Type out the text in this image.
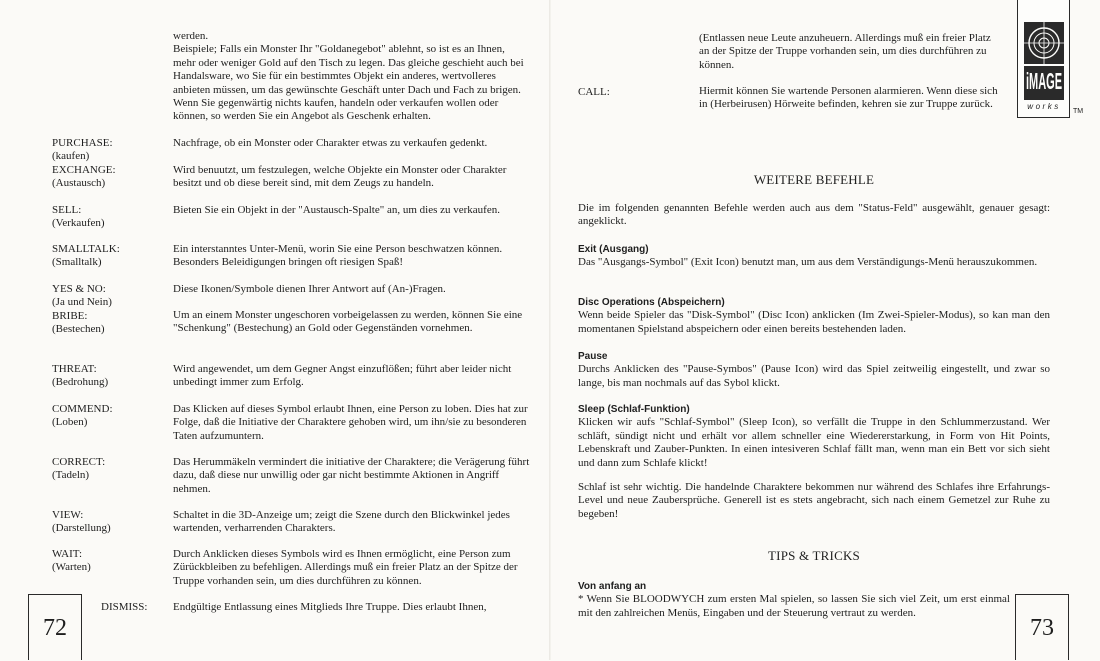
werden.
Beispiele; Falls ein Monster Ihr "Goldanegebot" ablehnt, so ist es an Ihnen, mehr oder weniger Gold auf den Tisch zu legen. Das gleiche geschieht auch bei Handalsware, wo Sie für ein bestimmtes Objekt ein anderes, wertvolleres anbieten müssen, um das gewünschte Geschäft unter Dach und Fach zu brigen. Wenn Sie gegenwärtig nichts kaufen, handeln oder verkaufen wollen oder können, so werden Sie ein Angebot als Geschenk erhalten.

PURCHASE:
(kaufen)
Nachfrage, ob ein Monster oder Charakter etwas zu verkaufen gedenkt.
EXCHANGE:
(Austausch)
Wird benuutzt, um festzulegen, welche Objekte ein Monster oder Charakter besitzt und ob diese bereit sind, mit dem Zeugs zu handeln.
SELL:
(Verkaufen)
Bieten Sie ein Objekt in der "Austausch-Spalte" an, um dies zu verkaufen.
SMALLTALK:
(Smalltalk)
Ein interstanntes Unter-Menü, worin Sie eine Person beschwatzen können. Besonders Beleidigungen bringen oft riesigen Spaß!
YES & NO:
(Ja und Nein)
BRIBE:
(Bestechen)
Diese Ikonen/Symbole dienen Ihrer Antwort auf (An-)Fragen.
Um an einem Monster ungeschoren vorbeigelassen zu werden, können Sie eine "Schenkung" (Bestechung) an Gold oder Gegenständen vornehmen.
THREAT:
(Bedrohung)
Wird angewendet, um dem Gegner Angst einzuflößen; führt aber leider nicht unbedingt immer zum Erfolg.
COMMEND:
(Loben)
Das Klicken auf dieses Symbol erlaubt Ihnen, eine Person zu loben. Dies hat zur Folge, daß die Initiative der Charaktere gehoben wird, um ihn/sie zu besonderen Taten aufzumuntern.
CORRECT:
(Tadeln)
Das Herummäkeln vermindert die initiative der Charaktere; die Verägerung führt dazu, daß diese nur unwillig oder gar nicht bestimmte Aktionen in Angriff nehmen.
VIEW:
(Darstellung)
Schaltet in die 3D-Anzeige um; zeigt die Szene durch den Blickwinkel jedes wartenden, verharrenden Charakters.
WAIT:
(Warten)
Durch Anklicken dieses Symbols wird es Ihnen ermöglicht, eine Person zum Zürückbleiben zu befehligen. Allerdings muß ein freier Platz an der Spitze der Truppe vorhanden sein, um dies durchführen zu können.
DISMISS: Endgültige Entlassung eines Mitglieds Ihre Truppe. Dies erlaubt Ihnen,
72

(Entlassen neue Leute anzuheuern. Allerdings muß ein freier Platz an der Spitze der Truppe vorhanden sein, um dies durchführen zu können.

CALL:	Hiermit können Sie wartende Personen alarmieren. Wenn diese sich in (Herbeirusen) Hörweite befinden, kehren sie zur Truppe zurück.

WEITERE BEFEHLE

Die im folgenden genannten Befehle werden auch aus dem "Status-Feld" ausgewählt, genauer gesagt: angeklickt.

Exit (Ausgang)
Das "Ausgangs-Symbol" (Exit Icon) benutzt man, um aus dem Verständigungs-Menü herauszukommen.
Disc Operations (Abspeichern)
Wenn beide Spieler das "Disk-Symbol" (Disc Icon) anklicken (Im Zwei-Spieler-Modus), so kan man den momentanen Spielstand abspeichern oder einen bereits bestehenden laden.
Pause
Durchs Anklicken des "Pause-Symbos" (Pause Icon) wird das Spiel zeitweilig eingestellt, und zwar so lange, bis man nochmals auf das Sybol klickt.
Sleep (Schlaf-Funktion)
Klicken wir aufs "Schlaf-Symbol" (Sleep Icon), so verfällt die Truppe in den Schlummerzustand. Wer schläft, sündigt nicht und erhält vor allem schneller eine Wiedererstarkung, in Form von Hit Points, Lebenskraft und Zauber-Punkten. In einen intesiveren Schlaf fällt man, wenn man ein Bett vor sich sieht und dann zum Schlafe klickt!

Schlaf ist sehr wichtig. Die handelnde Charaktere bekommen nur während des Schlafes ihre Erfahrungs-Level und neue Zaubersprüche. Generell ist es stets angebracht, sich nach einem Gemetzel zur Ruhe zu begeben!

TIPS & TRICKS
Von anfang an
* Wenn Sie BLOODWYCH zum ersten Mal spielen, so lassen Sie sich viel Zeit, um erst einmal mit den zahlreichen Menüs, Eingaben und der Steuerung vertraut zu werden.
73
iMAGE
works
TM
